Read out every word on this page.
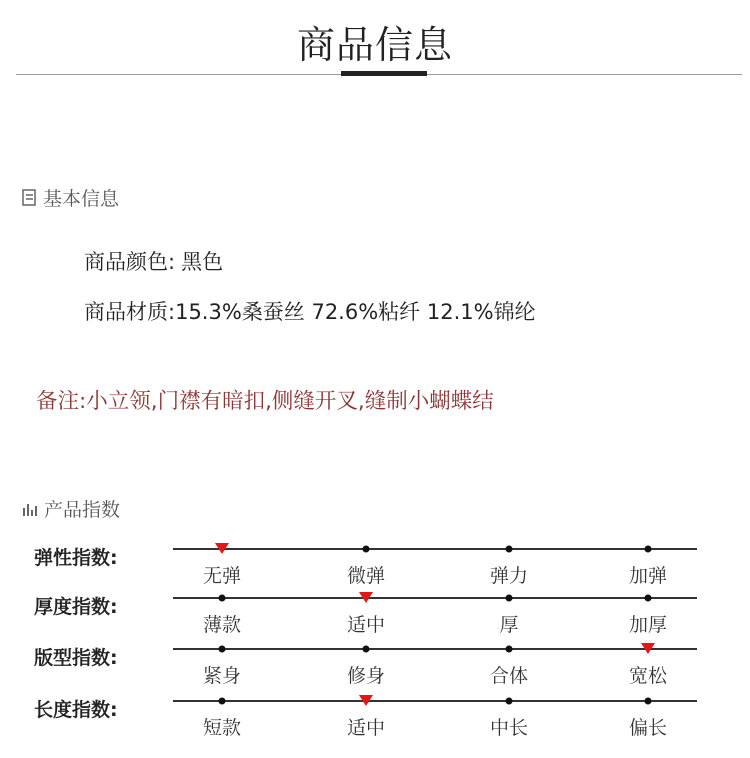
商品信息
基本信息
商品颜色: 黑色
商品材质:15.3%桑蚕丝 72.6%粘纤 12.1%锦纶
备注:小立领,门襟有暗扣,侧缝开叉,缝制小蝴蝶结
产品指数
弹性指数:
无弹	微弹	弹力	加弹
厚度指数:
薄款	适中	厚	加厚
版型指数:
紧身	修身	合体	宽松
长度指数:
短款	适中	中长	偏长
